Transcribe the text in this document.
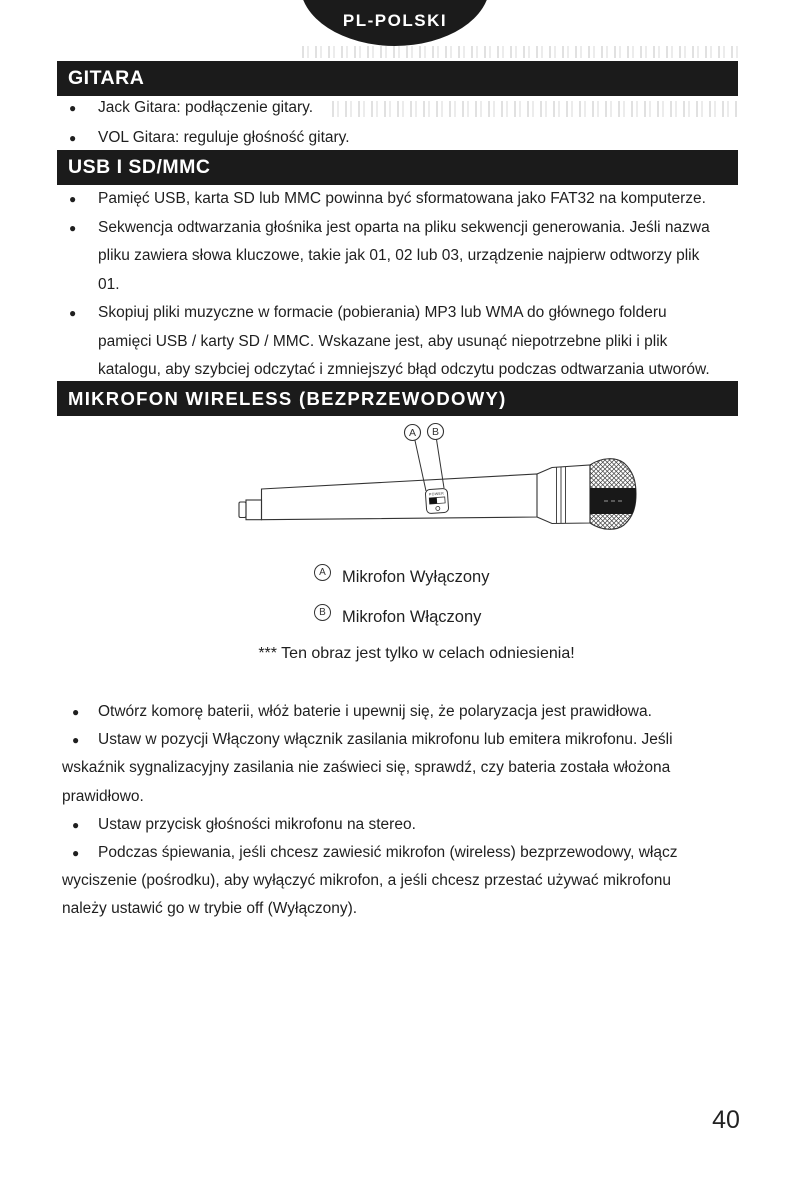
PL-POLSKI
GITARA
● Jack Gitara: podłączenie gitary.
● VOL Gitara: reguluje głośność gitary.
USB I SD/MMC
● Pamięć USB, karta SD lub MMC powinna być sformatowana jako FAT32 na komputerze.
● Sekwencja odtwarzania głośnika jest oparta na pliku sekwencji generowania. Jeśli nazwa
pliku zawiera słowa kluczowe, takie jak 01, 02 lub 03, urządzenie najpierw odtworzy plik
01.
● Skopiuj pliki muzyczne w formacie (pobierania) MP3 lub WMA do głównego folderu
pamięci USB / karty SD / MMC. Wskazane jest, aby usunąć niepotrzebne pliki i plik
katalogu, aby szybciej odczytać i zmniejszyć błąd odczytu podczas odtwarzania utworów.
MIKROFON WIRELESS (BEZPRZEWODOWY)
POWER
A B
A Mikrofon Wyłączony
B Mikrofon Włączony
*** Ten obraz jest tylko w celach odniesienia!
● Otwórz komorę baterii, włóż baterie i upewnij się, że polaryzacja jest prawidłowa.
● Ustaw w pozycji Włączony włącznik zasilania mikrofonu lub emitera mikrofonu. Jeśli
wskaźnik sygnalizacyjny zasilania nie zaświeci się, sprawdź, czy bateria została włożona
prawidłowo.
● Ustaw przycisk głośności mikrofonu na stereo.
● Podczas śpiewania, jeśli chcesz zawiesić mikrofon (wireless) bezprzewodowy, włącz
wyciszenie (pośrodku), aby wyłączyć mikrofon, a jeśli chcesz przestać używać mikrofonu
należy ustawić go w trybie off (Wyłączony).
40
